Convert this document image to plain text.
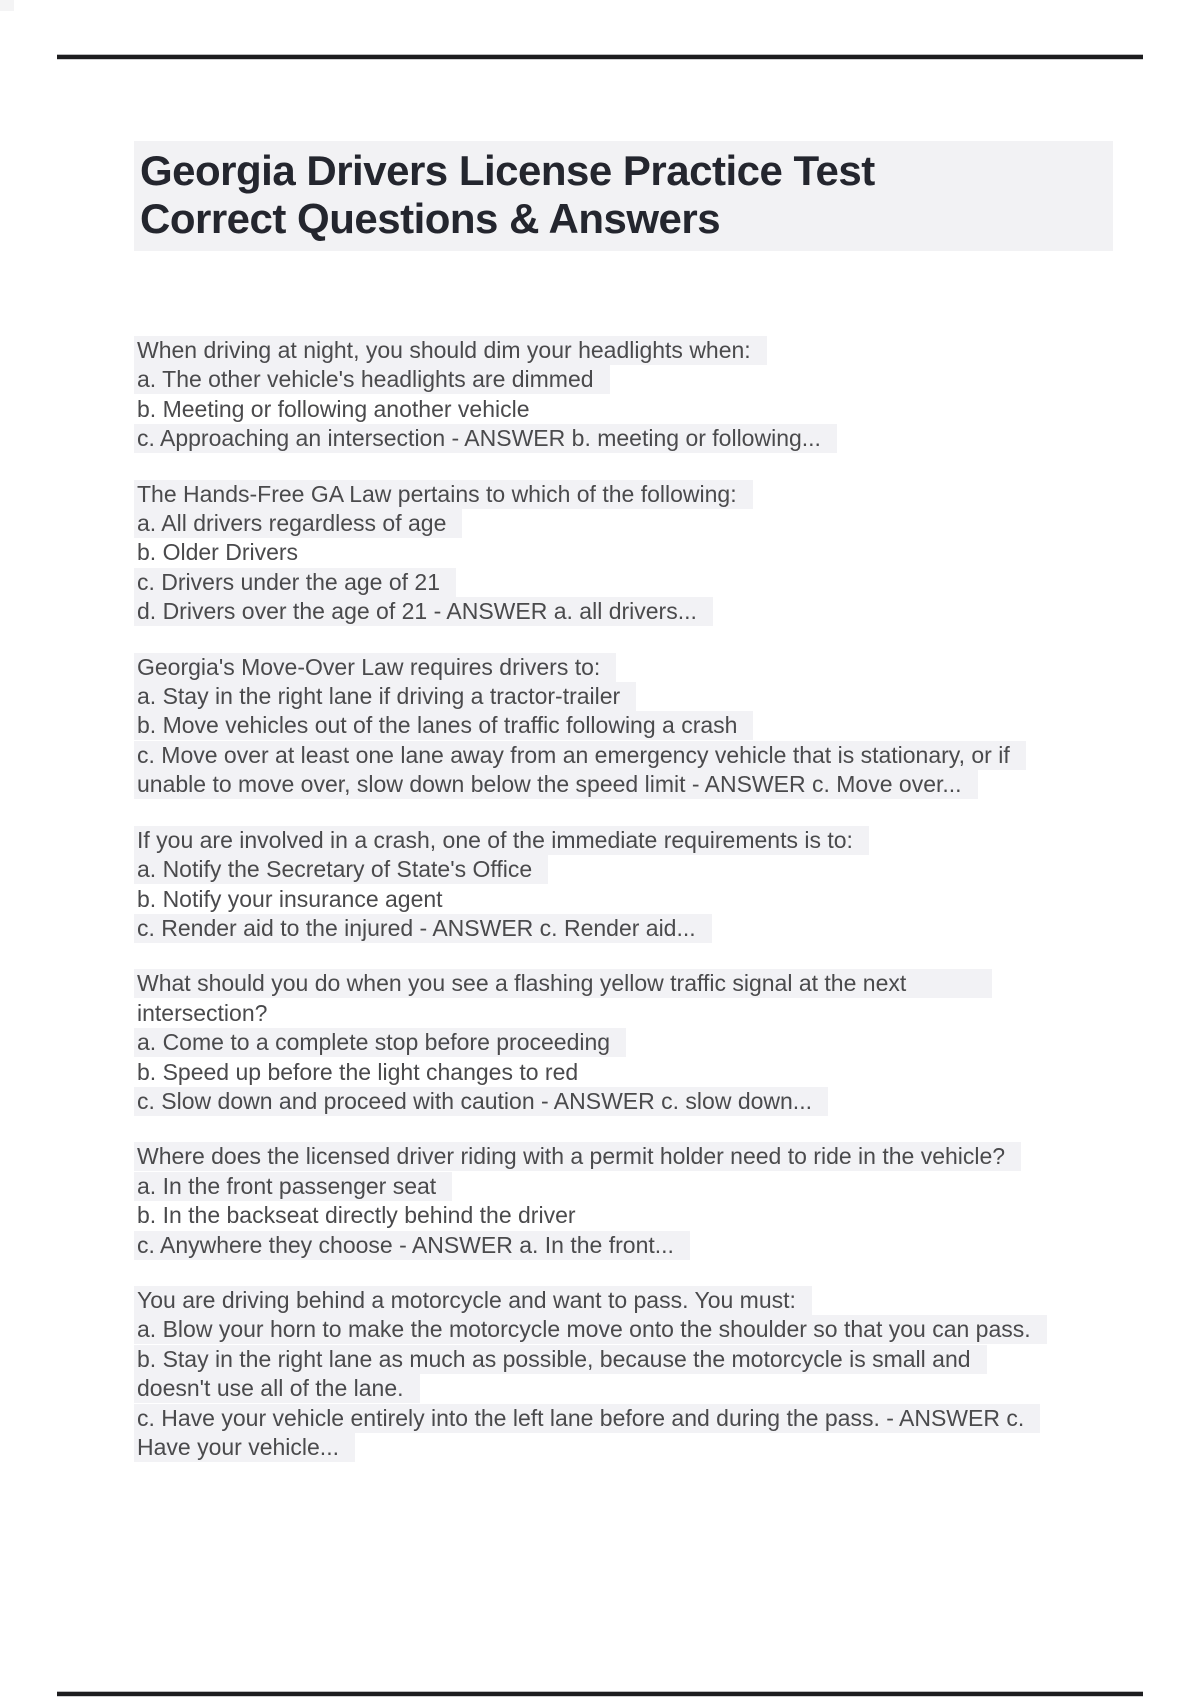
Georgia Drivers License Practice Test
Correct Questions & Answers
When driving at night, you should dim your headlights when:
a. The other vehicle's headlights are dimmed
b. Meeting or following another vehicle
c. Approaching an intersection - ANSWER b. meeting or following...
The Hands-Free GA Law pertains to which of the following:
a. All drivers regardless of age
b. Older Drivers
c. Drivers under the age of 21
d. Drivers over the age of 21 - ANSWER a. all drivers...
Georgia's Move-Over Law requires drivers to:
a. Stay in the right lane if driving a tractor-trailer
b. Move vehicles out of the lanes of traffic following a crash
c. Move over at least one lane away from an emergency vehicle that is stationary, or if
unable to move over, slow down below the speed limit - ANSWER c. Move over...
If you are involved in a crash, one of the immediate requirements is to:
a. Notify the Secretary of State's Office
b. Notify your insurance agent
c. Render aid to the injured - ANSWER c. Render aid...
What should you do when you see a flashing yellow traffic signal at the next
intersection?
a. Come to a complete stop before proceeding
b. Speed up before the light changes to red
c. Slow down and proceed with caution - ANSWER c. slow down...
Where does the licensed driver riding with a permit holder need to ride in the vehicle?
a. In the front passenger seat
b. In the backseat directly behind the driver
c. Anywhere they choose - ANSWER a. In the front...
You are driving behind a motorcycle and want to pass. You must:
a. Blow your horn to make the motorcycle move onto the shoulder so that you can pass.
b. Stay in the right lane as much as possible, because the motorcycle is small and
doesn't use all of the lane.
c. Have your vehicle entirely into the left lane before and during the pass. - ANSWER c.
Have your vehicle...
